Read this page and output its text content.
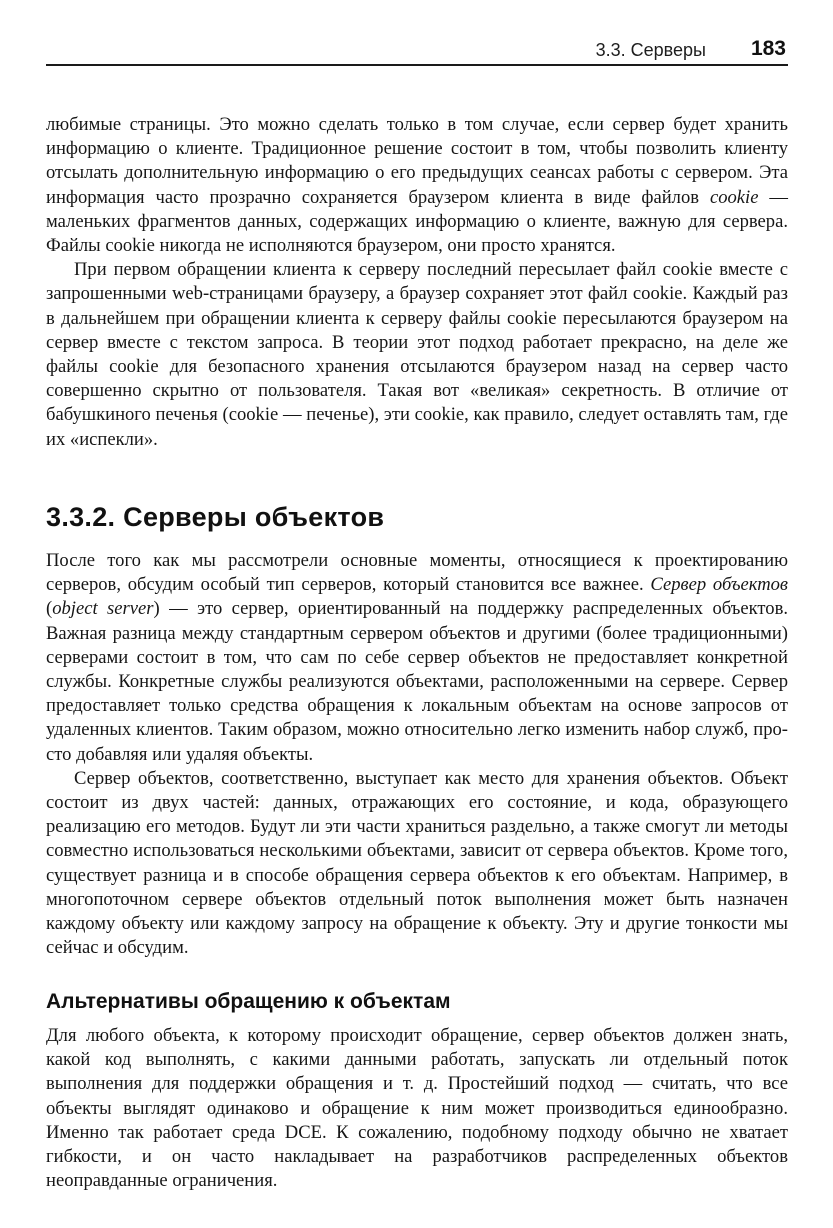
3.3. Серверы 183

любимые страницы. Это можно сделать только в том случае, если сервер будет хранить информацию о клиенте. Традиционное решение состоит в том, чтобы позволить клиенту отсылать дополнительную информацию о его предыдущих сеансах работы с сервером. Эта информация часто прозрачно сохраняется браузером клиента в виде файлов cookie — маленьких фрагментов данных, содержащих информацию о клиенте, важную для сервера. Файлы cookie никогда не исполняются браузером, они просто хранятся.

При первом обращении клиента к серверу последний пересылает файл cookie вместе с запрошенными web-страницами браузеру, а браузер сохраняет этот файл cookie. Каждый раз в дальнейшем при обращении клиента к серверу файлы cookie пересылаются браузером на сервер вместе с текстом запроса. В теории этот подход работает прекрасно, на деле же файлы cookie для безопасного хранения отсылаются браузером назад на сервер часто совершенно скрытно от пользователя. Такая вот «великая» секретность. В отличие от бабушкиного печенья (cookie — печенье), эти cookie, как правило, следует оставлять там, где их «испекли».

3.3.2. Серверы объектов

После того как мы рассмотрели основные моменты, относящиеся к проектированию серверов, обсудим особый тип серверов, который становится все важнее. Сервер объектов (object server) — это сервер, ориентированный на поддержку распределенных объектов. Важная разница между стандартным сервером объектов и другими (более традиционными) серверами состоит в том, что сам по себе сервер объектов не предоставляет конкретной службы. Конкретные службы реализуются объектами, расположенными на сервере. Сервер предоставляет только средства обращения к локальным объектам на основе запросов от удаленных клиентов. Таким образом, можно относительно легко изменить набор служб, просто добавляя или удаляя объекты.

Сервер объектов, соответственно, выступает как место для хранения объектов. Объект состоит из двух частей: данных, отражающих его состояние, и кода, образующего реализацию его методов. Будут ли эти части храниться раздельно, а также смогут ли методы совместно использоваться несколькими объектами, зависит от сервера объектов. Кроме того, существует разница и в способе обращения сервера объектов к его объектам. Например, в многопоточном сервере объектов отдельный поток выполнения может быть назначен каждому объекту или каждому запросу на обращение к объекту. Эту и другие тонкости мы сейчас и обсудим.

Альтернативы обращению к объектам

Для любого объекта, к которому происходит обращение, сервер объектов должен знать, какой код выполнять, с какими данными работать, запускать ли отдельный поток выполнения для поддержки обращения и т. д. Простейший подход — считать, что все объекты выглядят одинаково и обращение к ним может производиться единообразно. Именно так работает среда DCE. К сожалению, подобному подходу обычно не хватает гибкости, и он часто накладывает на разработчиков распределенных объектов неоправданные ограничения.
